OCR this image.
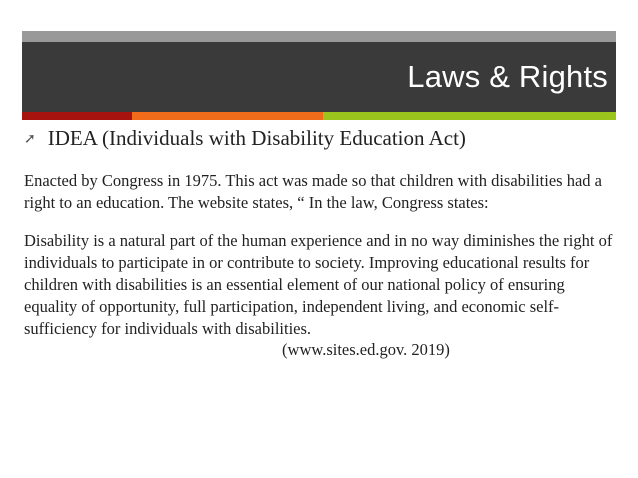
Laws & Rights
➚ IDEA (Individuals with Disability Education Act)

Enacted by Congress in 1975. This act was made so that children with disabilities had a right to an education. The website states, “ In the law, Congress states:

Disability is a natural part of the human experience and in no way diminishes the right of individuals to participate in or contribute to society. Improving educational results for children with disabilities is an essential element of our national policy of ensuring equality of opportunity, full participation, independent living, and economic self-sufficiency for individuals with disabilities.

(www.sites.ed.gov. 2019)
